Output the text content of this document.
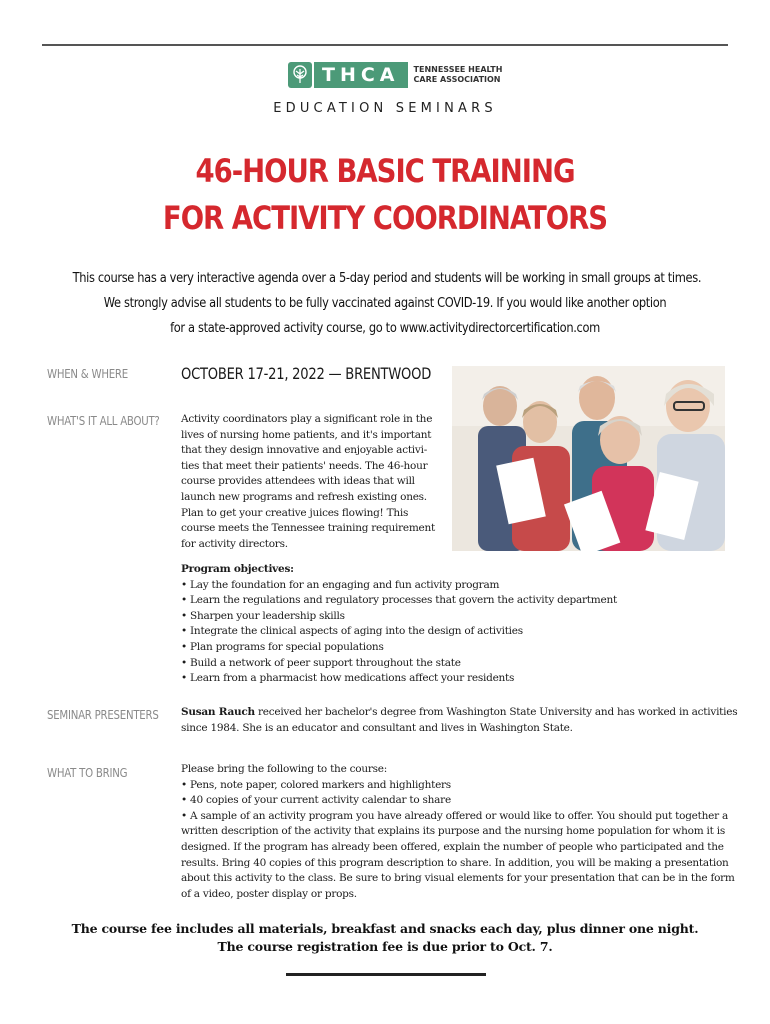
THCA	TENNESSEE HEALTH
CARE ASSOCIATION
EDUCATION SEMINARS
46-HOUR BASIC TRAINING
FOR ACTIVITY COORDINATORS
This course has a very interactive agenda over a 5-day period and students will be working in small groups at times.
We strongly advise all students to be fully vaccinated against COVID-19. If you would like another option
for a state-approved activity course, go to www.activitydirectorcertification.com
WHEN & WHERE	OCTOBER 17-21, 2022 — BRENTWOOD
WHAT'S IT ALL ABOUT? Activity coordinators play a significant role in the
lives of nursing home patients, and it's important
that they design innovative and enjoyable activi-
ties that meet their patients' needs. The 46-hour
course provides attendees with ideas that will
launch new programs and refresh existing ones.
Plan to get your creative juices flowing! This
course meets the Tennessee training requirement
for activity directors.
Program objectives:
• Lay the foundation for an engaging and fun activity program
• Learn the regulations and regulatory processes that govern the activity department
• Sharpen your leadership skills
• Integrate the clinical aspects of aging into the design of activities
• Plan programs for special populations
• Build a network of peer support throughout the state
• Learn from a pharmacist how medications affect your residents
SEMINAR PRESENTERS Susan Rauch received her bachelor's degree from Washington State University and has worked in activities
since 1984. She is an educator and consultant and lives in Washington State.
WHAT TO BRING	Please bring the following to the course:
• Pens, note paper, colored markers and highlighters
• 40 copies of your current activity calendar to share
• A sample of an activity program you have already offered or would like to offer. You should put together a
written description of the activity that explains its purpose and the nursing home population for whom it is
designed. If the program has already been offered, explain the number of people who participated and the
results. Bring 40 copies of this program description to share. In addition, you will be making a presentation
about this activity to the class. Be sure to bring visual elements for your presentation that can be in the form
of a video, poster display or props.
The course fee includes all materials, breakfast and snacks each day, plus dinner one night.
The course registration fee is due prior to Oct. 7.
